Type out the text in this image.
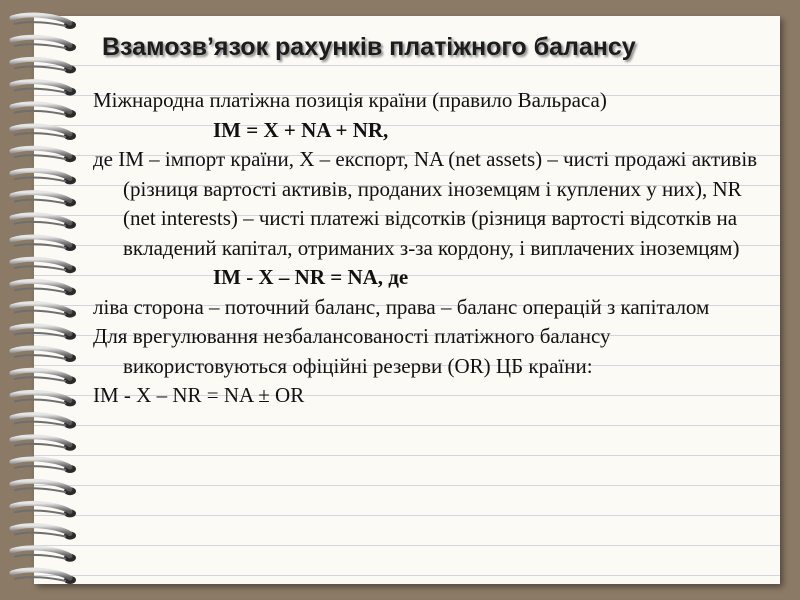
Взамозв’язок рахунків платіжного балансу

Міжнародна платіжна позиція країни (правило Вальраса)

IM = X + NA + NR,

де IM – імпорт країни, X – експорт, NA (net assets) – чисті продажі активів (різниця вартості активів, проданих іноземцям і куплених у них), NR (net interests) – чисті платежі відсотків (різниця вартості відсотків на вкладений капітал, отриманих з-за кордону, і виплачених іноземцям)

IM - X – NR = NA, де

ліва сторона – поточний баланс, права – баланс операцій з капіталом

Для врегулювання незбалансованості платіжного балансу використовуються офіційні резерви (OR) ЦБ країни:

IM - X – NR = NA ± OR
